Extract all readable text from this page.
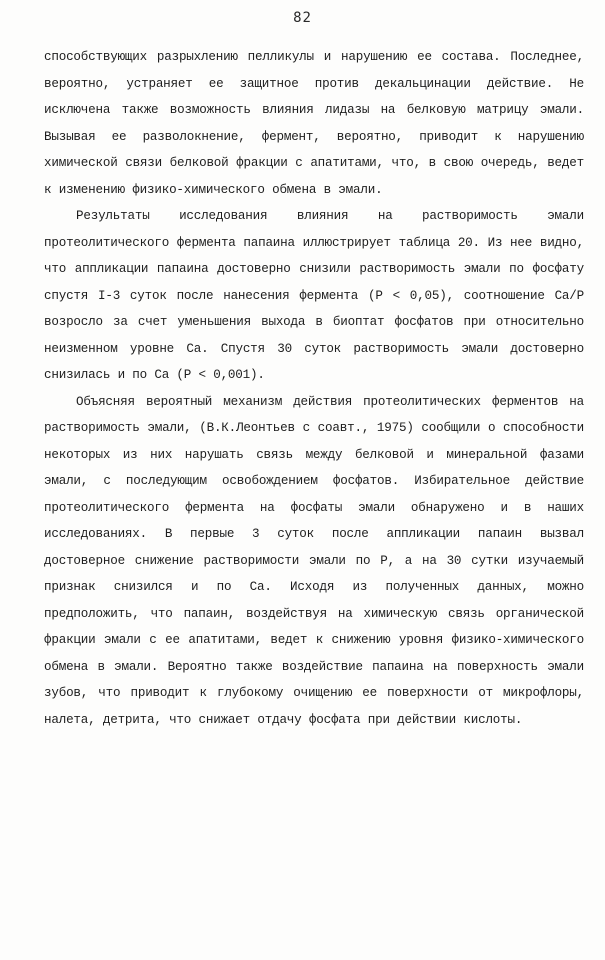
82

способствующих разрыхлению пелликулы и нарушению ее состава. Последнее, вероятно, устраняет ее защитное против декальцинации действие. Не исключена также возможность влияния лидазы на белковую матрицу эмали. Вызывая ее разволокнение, фермент, вероятно, приводит к нарушению химической связи белковой фракции с апатитами, что, в свою очередь, ведет к изменению физико-химического обмена в эмали.

Результаты исследования влияния на растворимость эмали протеолитического фермента папаина иллюстрирует таблица 20. Из нее видно, что аппликации папаина достоверно снизили растворимость эмали по фосфату спустя I-3 суток после нанесения фермента (P < 0,05), соотношение Ca/P возросло за счет уменьшения выхода в биоптат фосфатов при относительно неизменном уровне Ca. Спустя 30 суток растворимость эмали достоверно снизилась и по Ca (P < 0,001).

Объясняя вероятный механизм действия протеолитических ферментов на растворимость эмали, (В.К.Леонтьев с соавт., 1975) сообщили о способности некоторых из них нарушать связь между белковой и минеральной фазами эмали, с последующим освобождением фосфатов. Избирательное действие протеолитического фермента на фосфаты эмали обнаружено и в наших исследованиях. В первые 3 суток после аппликации папаин вызвал достоверное снижение растворимости эмали по P, а на 30 сутки изучаемый признак снизился и по Ca. Исходя из полученных данных, можно предположить, что папаин, воздействуя на химическую связь органической фракции эмали с ее апатитами, ведет к снижению уровня физико-химического обмена в эмали. Вероятно также воздействие папаина на поверхность эмали зубов, что приводит к глубокому очищению ее поверхности от микрофлоры, налета, детрита, что снижает отдачу фосфата при действии кислоты.
